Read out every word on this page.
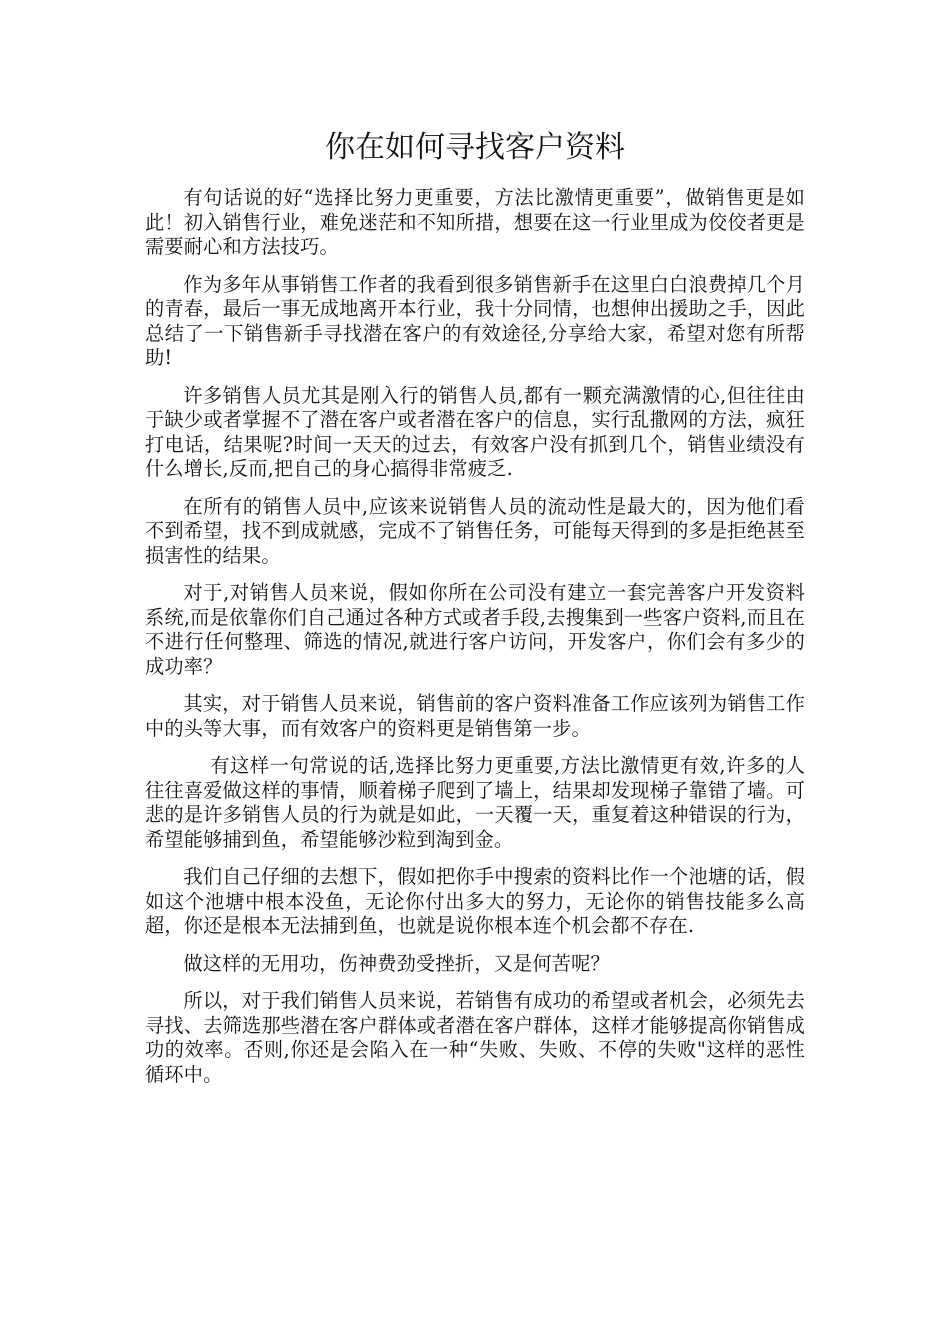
你在如何寻找客户资料

有句话说的好“选择比努力更重要，方法比激情更重要”，做销售更是如此！初入销售行业，难免迷茫和不知所措，想要在这一行业里成为佼佼者更是需要耐心和方法技巧。

作为多年从事销售工作者的我看到很多销售新手在这里白白浪费掉几个月的青春，最后一事无成地离开本行业，我十分同情，也想伸出援助之手，因此总结了一下销售新手寻找潜在客户的有效途径,分享给大家，希望对您有所帮助!

许多销售人员尤其是刚入行的销售人员,都有一颗充满激情的心,但往往由于缺少或者掌握不了潜在客户或者潜在客户的信息，实行乱撒网的方法，疯狂打电话，结果呢?时间一天天的过去，有效客户没有抓到几个，销售业绩没有什么增长,反而,把自己的身心搞得非常疲乏.

在所有的销售人员中,应该来说销售人员的流动性是最大的，因为他们看不到希望，找不到成就感，完成不了销售任务，可能每天得到的多是拒绝甚至损害性的结果。

对于,对销售人员来说，假如你所在公司没有建立一套完善客户开发资料系统,而是依靠你们自己通过各种方式或者手段,去搜集到一些客户资料,而且在不进行任何整理、筛选的情况,就进行客户访问，开发客户，你们会有多少的成功率？

其实，对于销售人员来说，销售前的客户资料准备工作应该列为销售工作中的头等大事，而有效客户的资料更是销售第一步。

有这样一句常说的话,选择比努力更重要,方法比激情更有效,许多的人往往喜爱做这样的事情，顺着梯子爬到了墙上，结果却发现梯子靠错了墙。可悲的是许多销售人员的行为就是如此，一天覆一天，重复着这种错误的行为，希望能够捕到鱼，希望能够沙粒到淘到金。

我们自己仔细的去想下，假如把你手中搜索的资料比作一个池塘的话，假如这个池塘中根本没鱼，无论你付出多大的努力，无论你的销售技能多么高超，你还是根本无法捕到鱼，也就是说你根本连个机会都不存在.

做这样的无用功，伤神费劲受挫折，又是何苦呢？

所以，对于我们销售人员来说，若销售有成功的希望或者机会，必须先去寻找、去筛选那些潜在客户群体或者潜在客户群体，这样才能够提高你销售成功的效率。否则,你还是会陷入在一种“失败、失败、不停的失败"这样的恶性循环中。
